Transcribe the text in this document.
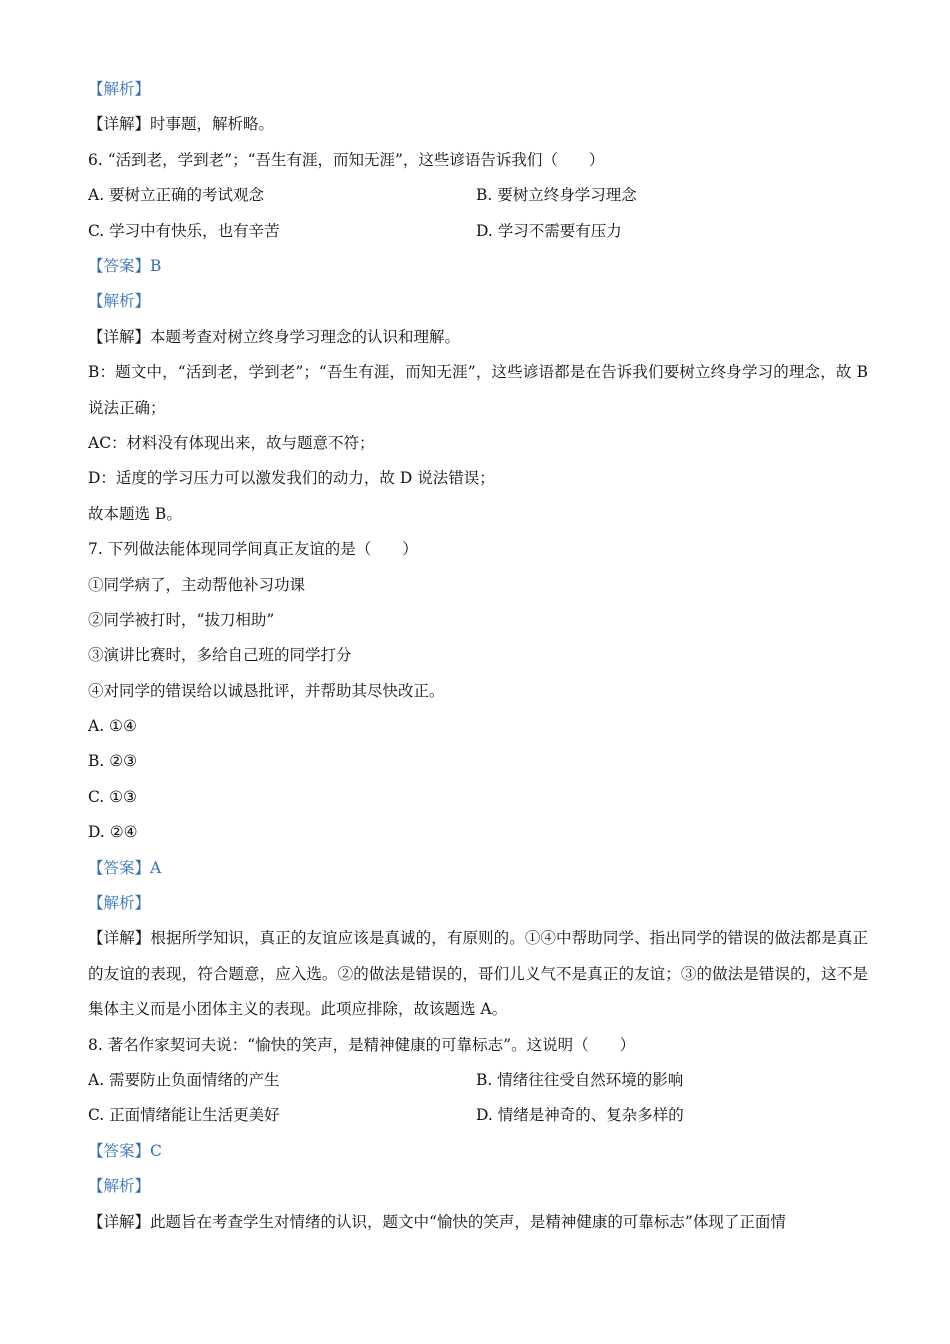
【解析】
【详解】时事题，解析略。
6. “活到老，学到老”；“吾生有涯，而知无涯”，这些谚语告诉我们（　　）
A. 要树立正确的考试观念	B. 要树立终身学习理念
C. 学习中有快乐，也有辛苦	D. 学习不需要有压力
【答案】B
【解析】
【详解】本题考查对树立终身学习理念的认识和理解。
B：题文中，“活到老，学到老”；“吾生有涯，而知无涯”，这些谚语都是在告诉我们要树立终身学习的理念，故 B 说法正确；
AC：材料没有体现出来，故与题意不符；
D：适度的学习压力可以激发我们的动力，故 D 说法错误；
故本题选 B。
7. 下列做法能体现同学间真正友谊的是（　　）
①同学病了，主动帮他补习功课
②同学被打时，“拔刀相助”
③演讲比赛时，多给自己班的同学打分
④对同学的错误给以诚恳批评，并帮助其尽快改正。
A. ①④
B. ②③
C. ①③
D. ②④
【答案】A
【解析】
【详解】根据所学知识，真正的友谊应该是真诚的，有原则的。①④中帮助同学、指出同学的错误的做法都是真正的友谊的表现，符合题意，应入选。②的做法是错误的，哥们儿义气不是真正的友谊；③的做法是错误的，这不是集体主义而是小团体主义的表现。此项应排除，故该题选 A。
8. 著名作家契诃夫说：“愉快的笑声，是精神健康的可靠标志”。这说明（　　）
A. 需要防止负面情绪的产生	B. 情绪往往受自然环境的影响
C. 正面情绪能让生活更美好	D. 情绪是神奇的、复杂多样的
【答案】C
【解析】
【详解】此题旨在考查学生对情绪的认识，题文中“愉快的笑声，是精神健康的可靠标志”体现了正面情
